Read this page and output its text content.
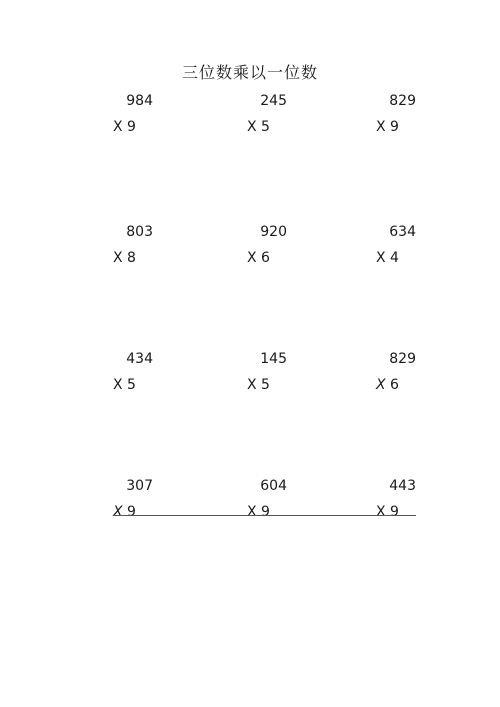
三位数乘以一位数
984
X 9
245
X 5
829
X 9
803
X 8
920
X 6
634
X 4
434
X 5
145
X 5
829
X 6
307
X 9
604
X 9
443
X 9
